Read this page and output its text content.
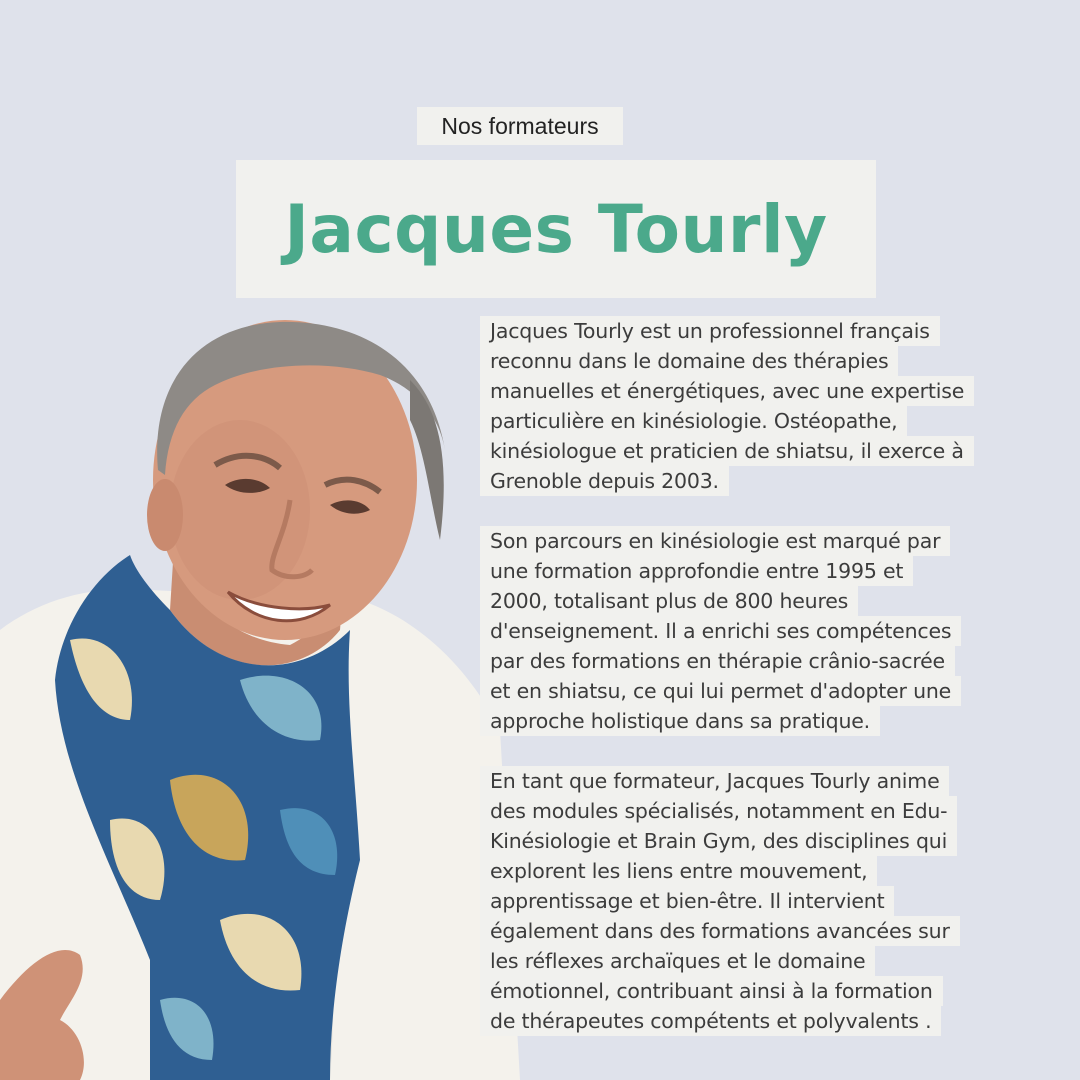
Nos formateurs
Jacques Tourly

Jacques Tourly est un professionnel français
reconnu dans le domaine des thérapies
manuelles et énergétiques, avec une expertise
particulière en kinésiologie. Ostéopathe,
kinésiologue et praticien de shiatsu, il exerce à
Grenoble depuis 2003.

Son parcours en kinésiologie est marqué par
une formation approfondie entre 1995 et
2000, totalisant plus de 800 heures
d'enseignement. Il a enrichi ses compétences
par des formations en thérapie crânio-sacrée
et en shiatsu, ce qui lui permet d'adopter une
approche holistique dans sa pratique.

En tant que formateur, Jacques Tourly anime
des modules spécialisés, notamment en Edu-
Kinésiologie et Brain Gym, des disciplines qui
explorent les liens entre mouvement,
apprentissage et bien-être. Il intervient
également dans des formations avancées sur
les réflexes archaïques et le domaine
émotionnel, contribuant ainsi à la formation
de thérapeutes compétents et polyvalents .
